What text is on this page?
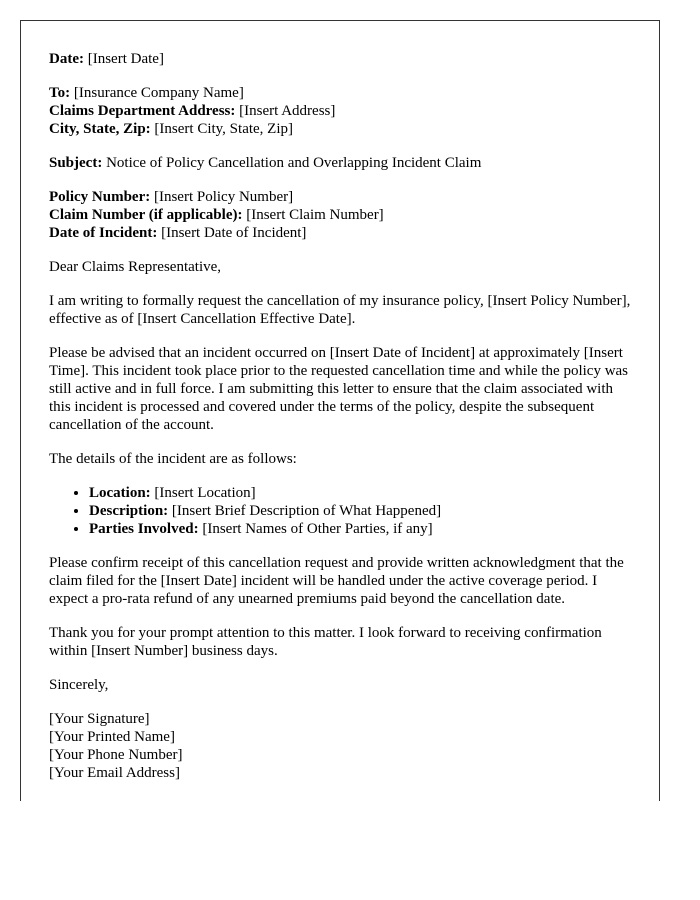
Date: [Insert Date]

To: [Insurance Company Name]
Claims Department Address: [Insert Address]
City, State, Zip: [Insert City, State, Zip]

Subject: Notice of Policy Cancellation and Overlapping Incident Claim

Policy Number: [Insert Policy Number]
Claim Number (if applicable): [Insert Claim Number]
Date of Incident: [Insert Date of Incident]

Dear Claims Representative,

I am writing to formally request the cancellation of my insurance policy, [Insert Policy Number], effective as of [Insert Cancellation Effective Date].

Please be advised that an incident occurred on [Insert Date of Incident] at approximately [Insert Time]. This incident took place prior to the requested cancellation time and while the policy was still active and in full force. I am submitting this letter to ensure that the claim associated with this incident is processed and covered under the terms of the policy, despite the subsequent cancellation of the account.

The details of the incident are as follows:

• Location: [Insert Location]
• Description: [Insert Brief Description of What Happened]
• Parties Involved: [Insert Names of Other Parties, if any]

Please confirm receipt of this cancellation request and provide written acknowledgment that the claim filed for the [Insert Date] incident will be handled under the active coverage period. I expect a pro-rata refund of any unearned premiums paid beyond the cancellation date.

Thank you for your prompt attention to this matter. I look forward to receiving confirmation within [Insert Number] business days.

Sincerely,

[Your Signature]
[Your Printed Name]
[Your Phone Number]
[Your Email Address]
